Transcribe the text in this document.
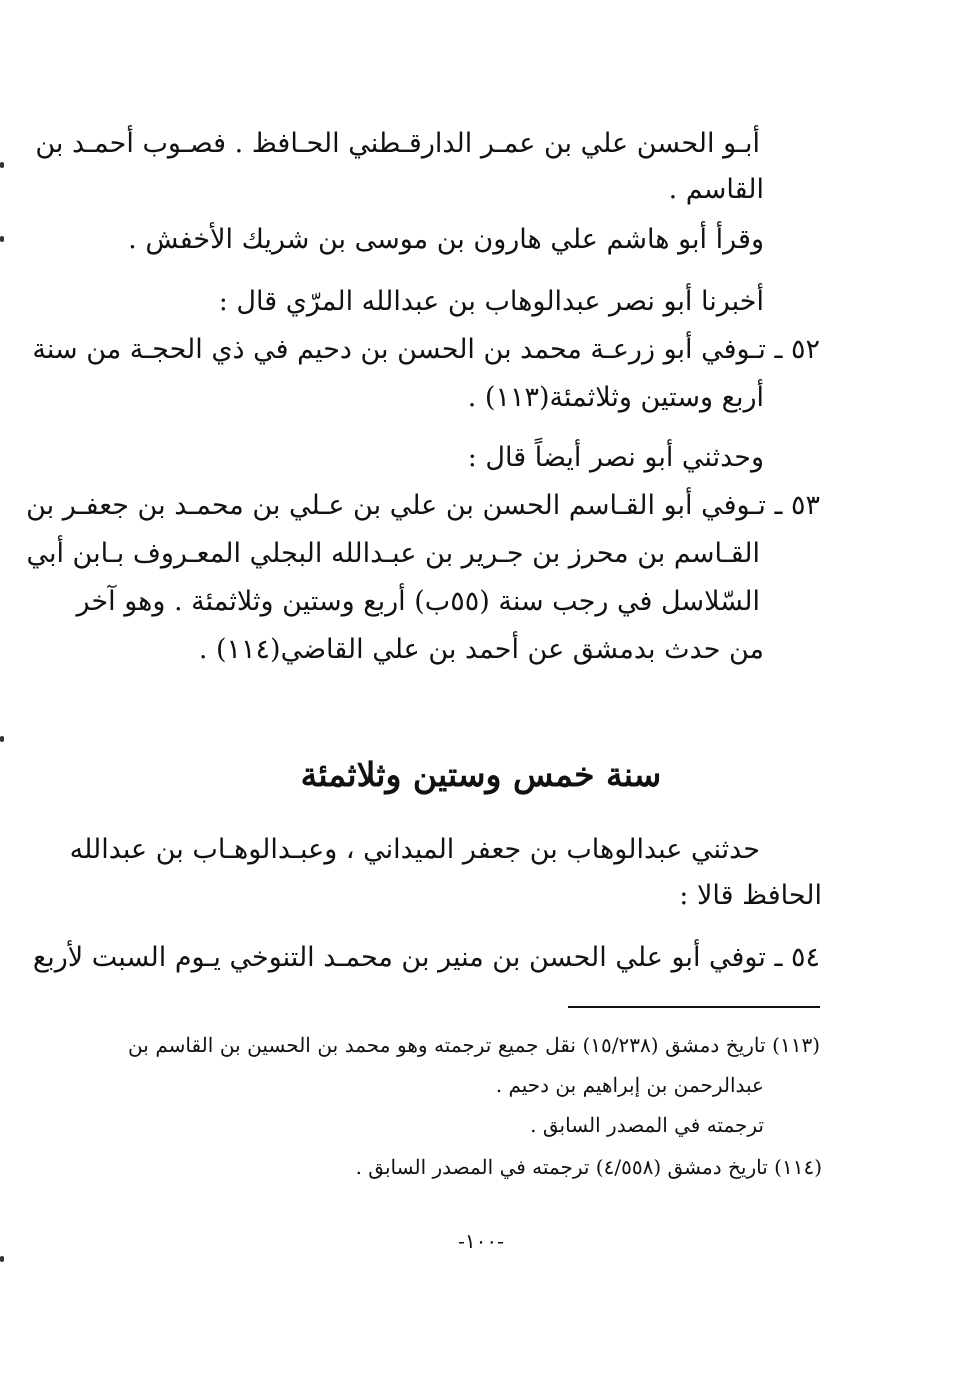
أبـو الحسن علي بن عمـر الدارقـطني الحـافظ . فصـوب أحمـد بن
القاسم .
وقرأ أبو هاشم علي هارون بن موسى بن شريك الأخفش .
أخبرنا أبو نصر عبدالوهاب بن عبدالله المرّي قال :
٥٢ ـ تـوفي أبو زرعـة محمد بن الحسن بن دحيم في ذي الحجـة من سنة
أربع وستين وثلاثمئة(١١٣) .
وحدثني أبو نصر أيضاً قال :
٥٣ ـ تـوفي أبو القـاسم الحسن بن علي بن عـلي بن محمـد بن جعفـر بن
القـاسم بن محرز بن جـرير بن عبـدالله البجلي المعـروف بـابن أبي
السّلاسل في رجب سنة (٥٥ب) أربع وستين وثلاثمئة . وهو آخر
من حدث بدمشق عن أحمد بن علي القاضي(١١٤) .
سنة خمس وستين وثلاثمئة
حدثني عبدالوهاب بن جعفر الميداني ، وعبـدالوهـاب بن عبدالله
الحافظ قالا :
٥٤ ـ توفي أبو علي الحسن بن منير بن محمـد التنوخي يـوم السبت لأربع
(١١٣) تاريخ دمشق (١٥/٢٣٨) نقل جميع ترجمته وهو محمد بن الحسين بن القاسم بن
عبدالرحمن بن إبراهيم بن دحيم .
ترجمته في المصدر السابق .
(١١٤) تاريخ دمشق (٤/٥٥٨) ترجمته في المصدر السابق .
-١٠٠-
